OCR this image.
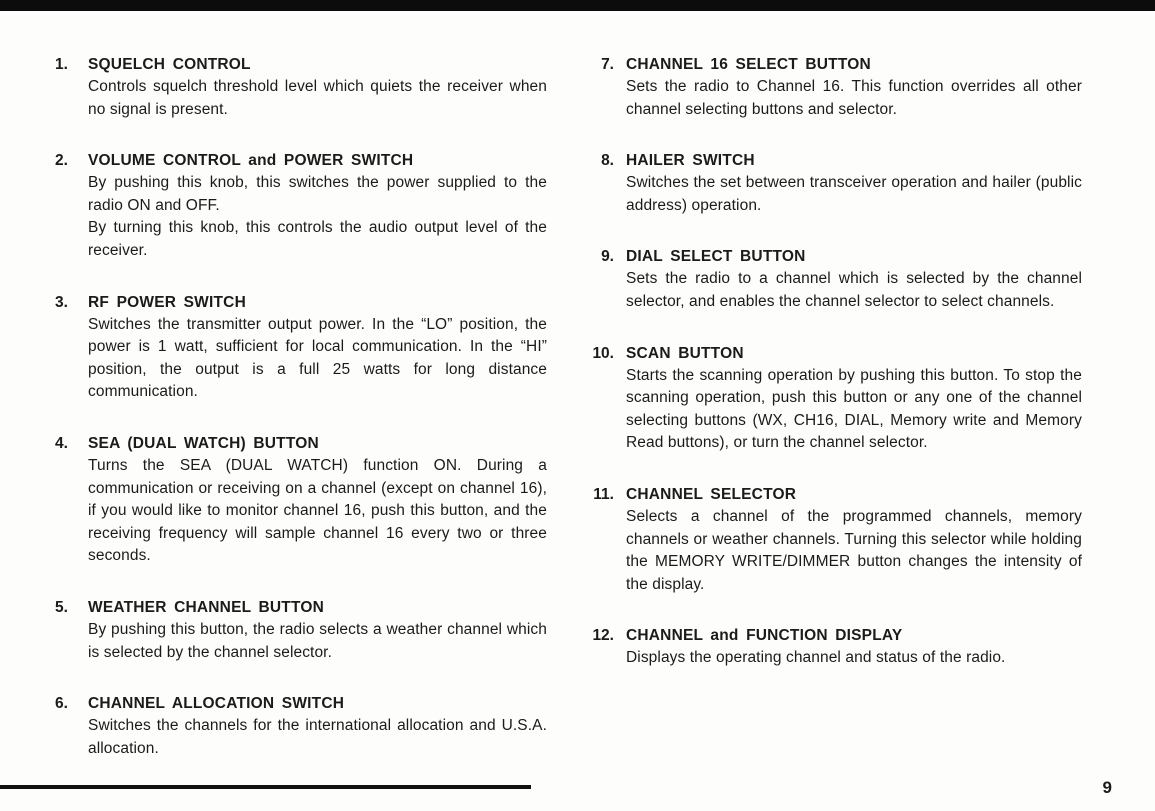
1.	SQUELCH CONTROL

Controls squelch threshold level which quiets the receiver when no signal is present.

2.	VOLUME CONTROL and POWER SWITCH

By pushing this knob, this switches the power supplied to the radio ON and OFF.

By turning this knob, this controls the audio output level of the receiver.

3.	RF POWER SWITCH

Switches the transmitter output power. In the “LO” position, the power is 1 watt, sufficient for local communication. In the “HI” position, the output is a full 25 watts for long distance communication.

4.	SEA (DUAL WATCH) BUTTON

Turns the SEA (DUAL WATCH) function ON. During a communication or receiving on a channel (except on channel 16), if you would like to monitor channel 16, push this button, and the receiving frequency will sample channel 16 every two or three seconds.

5.	WEATHER CHANNEL BUTTON

By pushing this button, the radio selects a weather channel which is selected by the channel selector.

6.	CHANNEL ALLOCATION SWITCH

Switches the channels for the international allocation and U.S.A. allocation.

7. CHANNEL 16 SELECT BUTTON

Sets the radio to Channel 16. This function overrides all other channel selecting buttons and selector.

8. HAILER SWITCH

Switches the set between transceiver operation and hailer (public address) operation.

9. DIAL SELECT BUTTON

Sets the radio to a channel which is selected by the channel selector, and enables the channel selector to select channels.

10. SCAN BUTTON

Starts the scanning operation by pushing this button. To stop the scanning operation, push this button or any one of the channel selecting buttons (WX, CH16, DIAL, Memory write and Memory Read buttons), or turn the channel selector.

11. CHANNEL SELECTOR

Selects a channel of the programmed channels, memory channels or weather channels. Turning this selector while holding the MEMORY WRITE/DIMMER button changes the intensity of the display.

12. CHANNEL and FUNCTION DISPLAY

Displays the operating channel and status of the radio.

9
